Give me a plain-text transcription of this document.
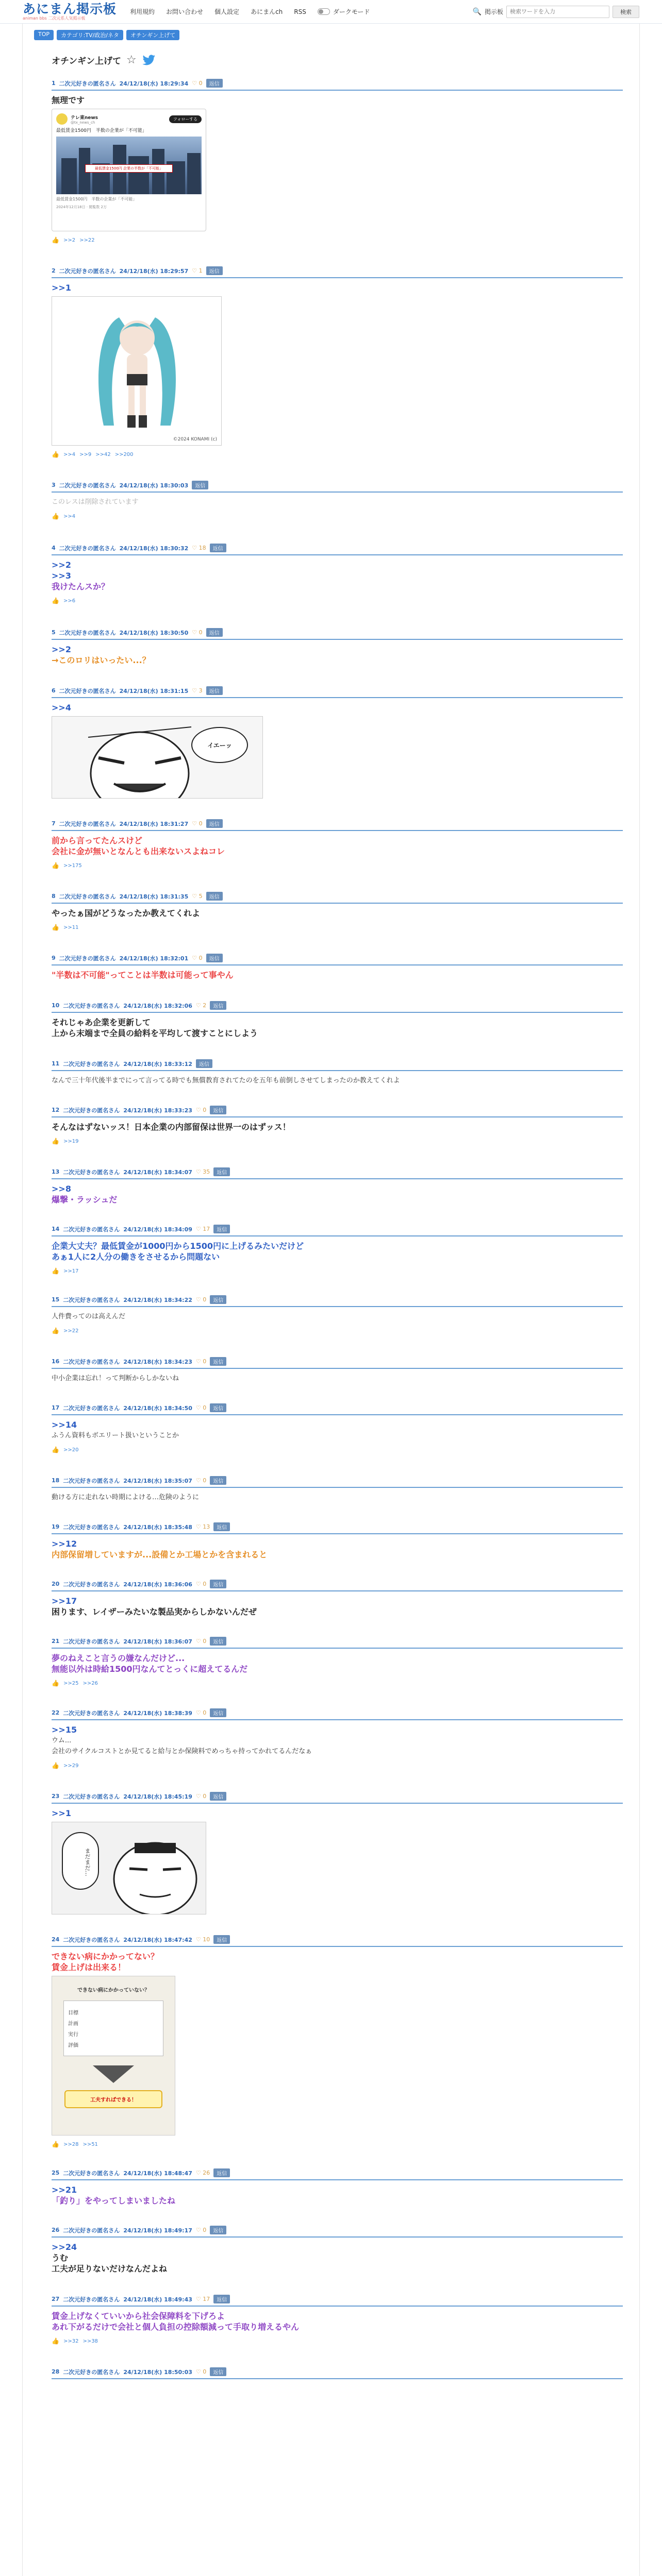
あにまん掲示板
animan bbs 二次元系人気掲示板
利用規約 お問い合わせ 個人設定 あにまんch RSS	ダークモード	🔍 掲示板
検索ワードを入力	検索
TOP	カテゴリ:TV/政治/ネタ	オチンギン上げて
オチンギン上げて ☆
1 二次元好きの匿名さん 24/12/18(水) 18:29:34 ♡ 0	返信
無理です
テレ東news
@tx_news_ch
フォローする
最低賃金1500円　半数の企業が「不可能」
最低賃金1500円 企業の半数が「不可能」
最低賃金1500円　半数の企業が「不可能」
2024年12月18日 · 閲覧数 2万
👍 >>2 >>22
2 二次元好きの匿名さん 24/12/18(水) 18:29:57 ♡ 1	返信
>>1
©2024 KONAMI (c)
👍 >>4 >>9 >>42 >>200
3 二次元好きの匿名さん 24/12/18(水) 18:30:03	返信
このレスは削除されています
👍 >>4
4 二次元好きの匿名さん 24/12/18(水) 18:30:32 ♡ 18	返信
>>2
>>3
我けたんスか？
👍 >>6
5 二次元好きの匿名さん 24/12/18(水) 18:30:50 ♡ 0	返信
>>2
→このロリはいったい...？
6 二次元好きの匿名さん 24/12/18(水) 18:31:15 ♡ 3	返信
>>4
イエーッ
7 二次元好きの匿名さん 24/12/18(水) 18:31:27 ♡ 0	返信
前から言ってたんスけど
会社に金が無いとなんとも出来ないスよねコレ
👍 >>175
8 二次元好きの匿名さん 24/12/18(水) 18:31:35 ♡ 5	返信
やったぁ国がどうなったか教えてくれよ
👍 >>11
9 二次元好きの匿名さん 24/12/18(水) 18:32:01 ♡ 0	返信
"半数は不可能"ってことは半数は可能って事やん
10 二次元好きの匿名さん 24/12/18(水) 18:32:06 ♡ 2	返信
それじゃあ企業を更新して
上から末端まで全員の給料を平均して渡すことにしよう
11 二次元好きの匿名さん 24/12/18(水) 18:33:12	返信
なんで三十年代後半までにって言ってる時でも無償教育されてたのを五年も前倒しさせてしまったのか教えてくれよ
12 二次元好きの匿名さん 24/12/18(水) 18:33:23 ♡ 0	返信
そんなはずないッス！日本企業の内部留保は世界一のはずッス！
👍 >>19
13 二次元好きの匿名さん 24/12/18(水) 18:34:07 ♡ 35	返信
>>8
爆撃・ラッシュだ
14 二次元好きの匿名さん 24/12/18(水) 18:34:09 ♡ 17	返信
企業大丈夫？最低賃金が1000円から1500円に上げるみたいだけど
あぁ1人に2人分の働きをさせるから問題ない
👍 >>17
15 二次元好きの匿名さん 24/12/18(水) 18:34:22 ♡ 0	返信
人件費ってのは高えんだ
👍 >>22
16 二次元好きの匿名さん 24/12/18(水) 18:34:23 ♡ 0	返信
中小企業は忘れ！って判断からしかないね
17 二次元好きの匿名さん 24/12/18(水) 18:34:50 ♡ 0	返信
>>14
ふうん資料もボエリート扱いということか
👍 >>20
18 二次元好きの匿名さん 24/12/18(水) 18:35:07 ♡ 0	返信
動ける方に走れない時期によける…危険のように
19 二次元好きの匿名さん 24/12/18(水) 18:35:48 ♡ 13	返信
>>12
内部保留増していますが...設備とか工場とかを含まれると
20 二次元好きの匿名さん 24/12/18(水) 18:36:06 ♡ 0	返信
>>17
困ります、レイザーみたいな製品実からしかないんだぜ
21 二次元好きの匿名さん 24/12/18(水) 18:36:07 ♡ 0	返信
夢のねえこと言うの嫌なんだけど...
無能以外は時給1500円なんてとっくに超えてるんだ
👍 >>25 >>26
22 二次元好きの匿名さん 24/12/18(水) 18:38:39 ♡ 0	返信
>>15
ウム...
会社のサイクルコストとか見てると給与とか保険料でめっちゃ持ってかれてるんだなぁ
👍 >>29
23 二次元好きの匿名さん 24/12/18(水) 18:45:19 ♡ 0	返信
>>1
まだまだ…
24 二次元好きの匿名さん 24/12/18(水) 18:47:42 ♡ 10	返信
できない病にかかってない？
賃金上げは出来る！
できない病にかかっていない？
目標
計画
実行
評価
工夫すればできる！
👍 >>28 >>51
25 二次元好きの匿名さん 24/12/18(水) 18:48:47 ♡ 26	返信
>>21
「釣り」をやってしまいましたね
26 二次元好きの匿名さん 24/12/18(水) 18:49:17 ♡ 0	返信
>>24
うむ
工夫が足りないだけなんだよね
27 二次元好きの匿名さん 24/12/18(水) 18:49:43 ♡ 17	返信
賃金上げなくていいから社会保障料を下げろよ
あれ下がるだけで会社と個人負担の控除額減って手取り増えるやん
👍 >>32 >>38
28 二次元好きの匿名さん 24/12/18(水) 18:50:03 ♡ 0	返信
